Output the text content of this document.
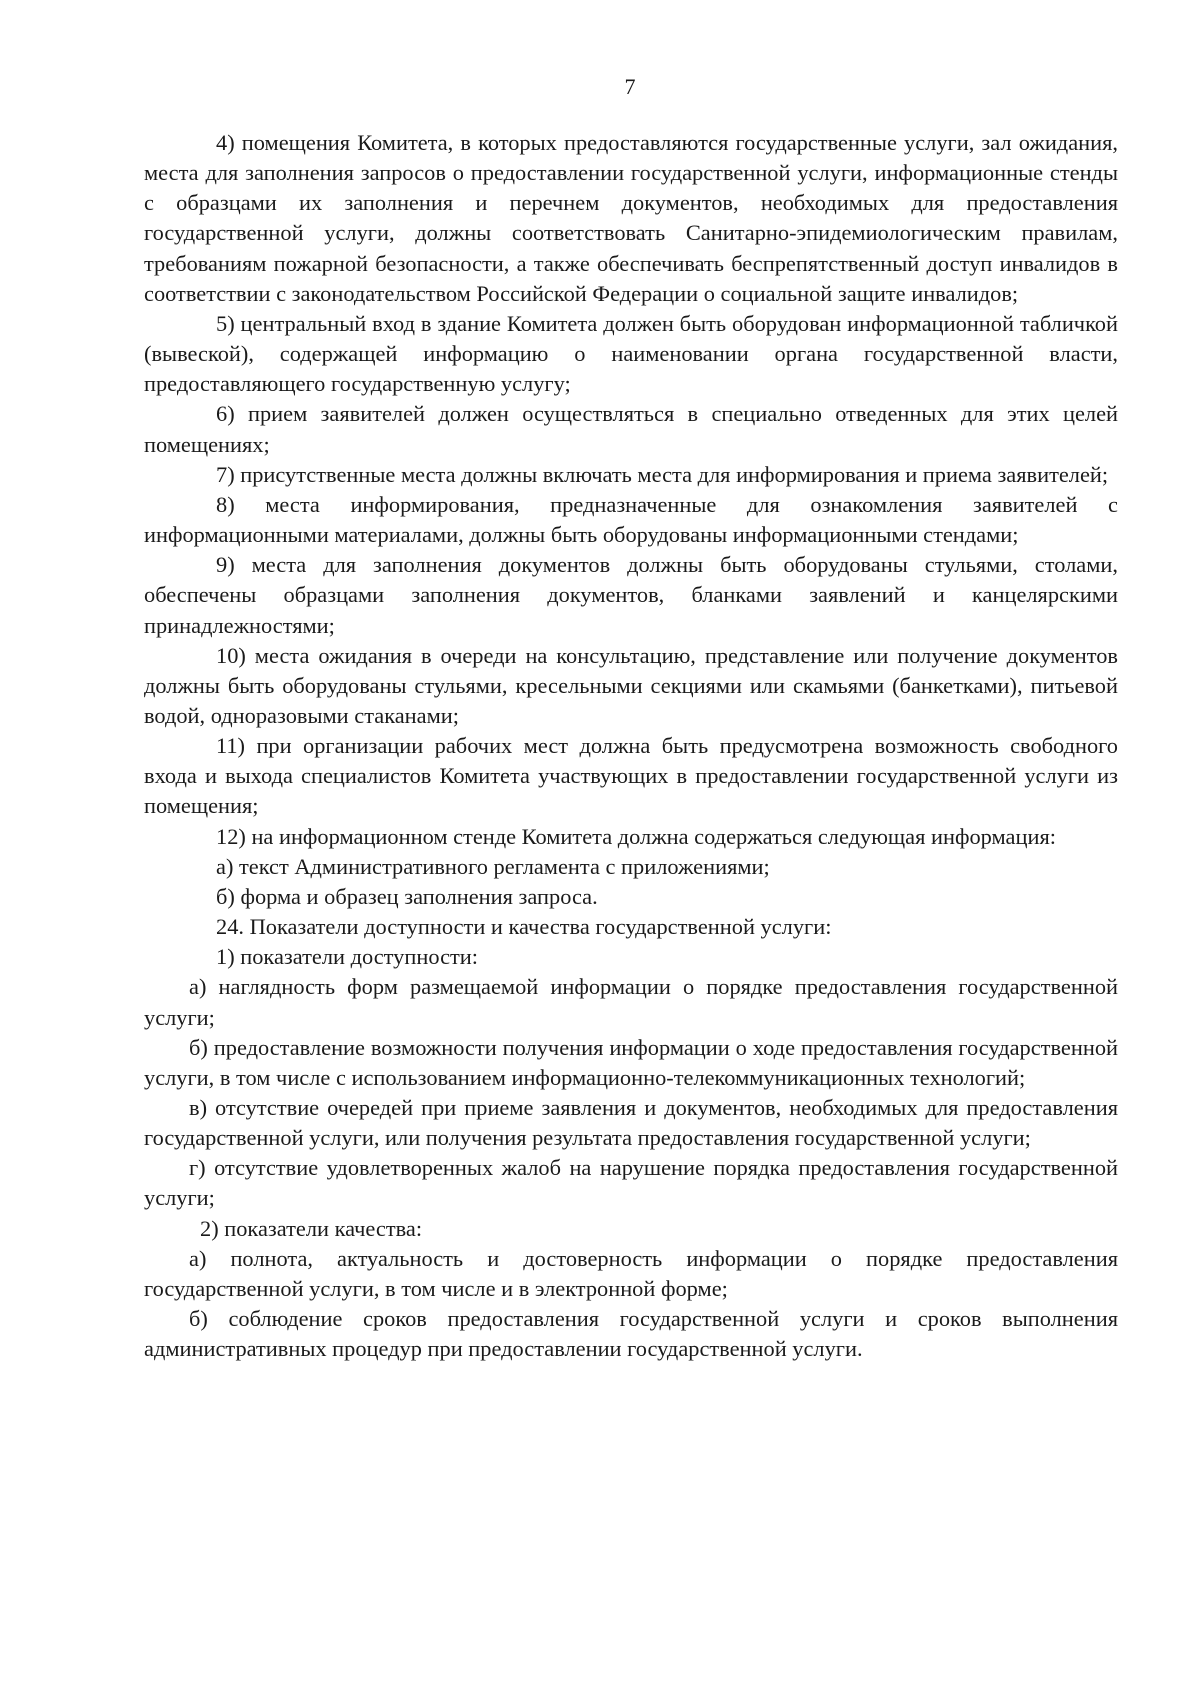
7

4) помещения Комитета, в которых предоставляются государственные услуги, зал ожидания, места для заполнения запросов о предоставлении государственной услуги, информационные стенды с образцами их заполнения и перечнем документов, необходимых для предоставления государственной услуги, должны соответствовать Санитарно-эпидемиологическим правилам, требованиям пожарной безопасности, а также обеспечивать беспрепятственный доступ инвалидов в соответствии с законодательством Российской Федерации о социальной защите инвалидов;

5) центральный вход в здание Комитета должен быть оборудован информационной табличкой (вывеской), содержащей информацию о наименовании органа государственной власти, предоставляющего государственную услугу;

6) прием заявителей должен осуществляться в специально отведенных для этих целей помещениях;

7) присутственные места должны включать места для информирования и приема заявителей;

8) места информирования, предназначенные для ознакомления заявителей с информационными материалами, должны быть оборудованы информационными стендами;

9) места для заполнения документов должны быть оборудованы стульями, столами, обеспечены образцами заполнения документов, бланками заявлений и канцелярскими принадлежностями;

10) места ожидания в очереди на консультацию, представление или получение документов должны быть оборудованы стульями, кресельными секциями или скамьями (банкетками), питьевой водой, одноразовыми стаканами;

11) при организации рабочих мест должна быть предусмотрена возможность свободного входа и выхода специалистов Комитета участвующих в предоставлении государственной услуги из помещения;

12) на информационном стенде Комитета должна содержаться следующая информация:

а) текст Административного регламента с приложениями;

б) форма и образец заполнения запроса.

24. Показатели доступности и качества государственной услуги:

1) показатели доступности:

а) наглядность форм размещаемой информации о порядке предоставления государственной услуги;

б) предоставление возможности получения информации о ходе предоставления государственной услуги, в том числе с использованием информационно-телекоммуникационных технологий;

в) отсутствие очередей при приеме заявления и документов, необходимых для предоставления государственной услуги, или получения результата предоставления государственной услуги;

г) отсутствие удовлетворенных жалоб на нарушение порядка предоставления государственной услуги;

2) показатели качества:

а) полнота, актуальность и достоверность информации о порядке предоставления государственной услуги, в том числе и в электронной форме;

б) соблюдение сроков предоставления государственной услуги и сроков выполнения административных процедур при предоставлении государственной услуги.
